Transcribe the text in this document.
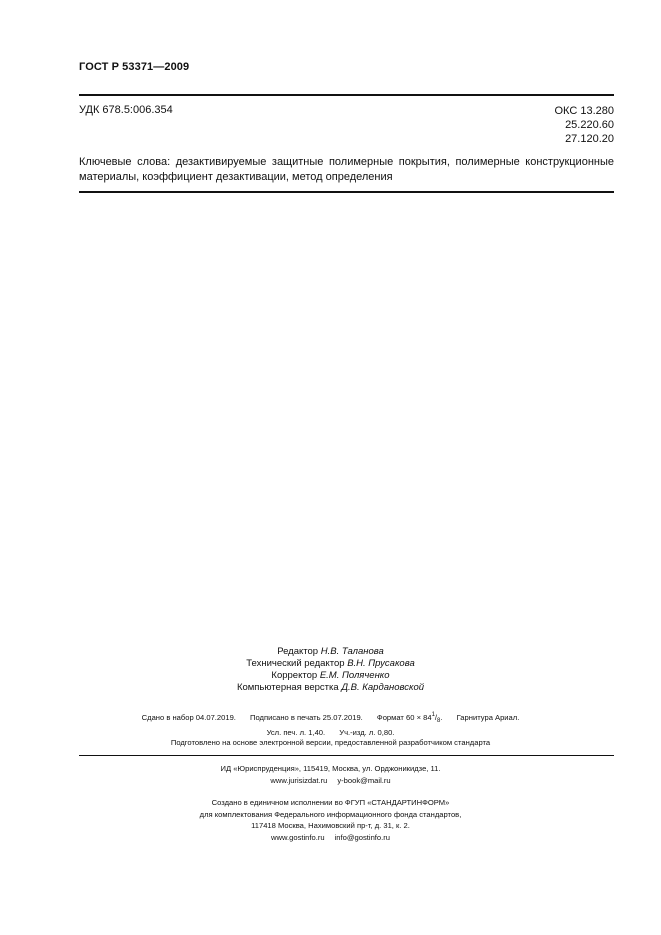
ГОСТ Р 53371—2009
УДК 678.5:006.354	ОКС 13.280
25.220.60
27.120.20
Ключевые слова: дезактивируемые защитные полимерные покрытия, полимерные конструкционные материалы, коэффициент дезактивации, метод определения
Редактор Н.В. Таланова
Технический редактор В.Н. Прусакова
Корректор Е.М. Поляченко
Компьютерная верстка Д.В. Кардановской
Сдано в набор 04.07.2019. Подписано в печать 25.07.2019. Формат $60 \times 84^1/_8$. Гарнитура Ариал.
Усл. печ. л. 1,40. Уч.-изд. л. 0,80.
Подготовлено на основе электронной версии, предоставленной разработчиком стандарта
ИД «Юриспруденция», 115419, Москва, ул. Орджоникидзе, 11.
www.jurisizdat.ru y-book@mail.ru
Создано в единичном исполнении во ФГУП «СТАНДАРТИНФОРМ»
для комплектования Федерального информационного фонда стандартов,
117418 Москва, Нахимовский пр-т, д. 31, к. 2.
www.gostinfo.ru info@gostinfo.ru
